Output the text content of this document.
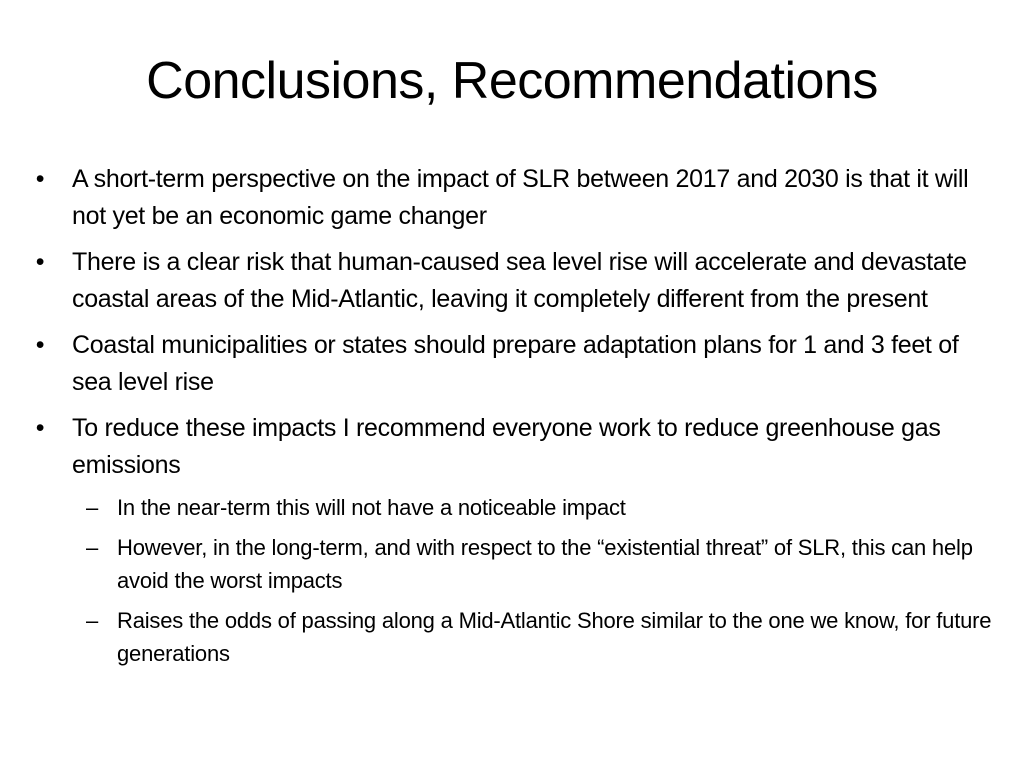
Conclusions, Recommendations
• A short-term perspective on the impact of SLR between 2017 and 2030 is that it will not yet be an economic game changer
• There is a clear risk that human-caused sea level rise will accelerate and devastate coastal areas of the Mid-Atlantic, leaving it completely different from the present
• Coastal municipalities or states should prepare adaptation plans for 1 and 3 feet of sea level rise
• To reduce these impacts I recommend everyone work to reduce greenhouse gas emissions
– In the near-term this will not have a noticeable impact
– However, in the long-term, and with respect to the “existential threat” of SLR, this can help avoid the worst impacts
– Raises the odds of passing along a Mid-Atlantic Shore similar to the one we know, for future generations
